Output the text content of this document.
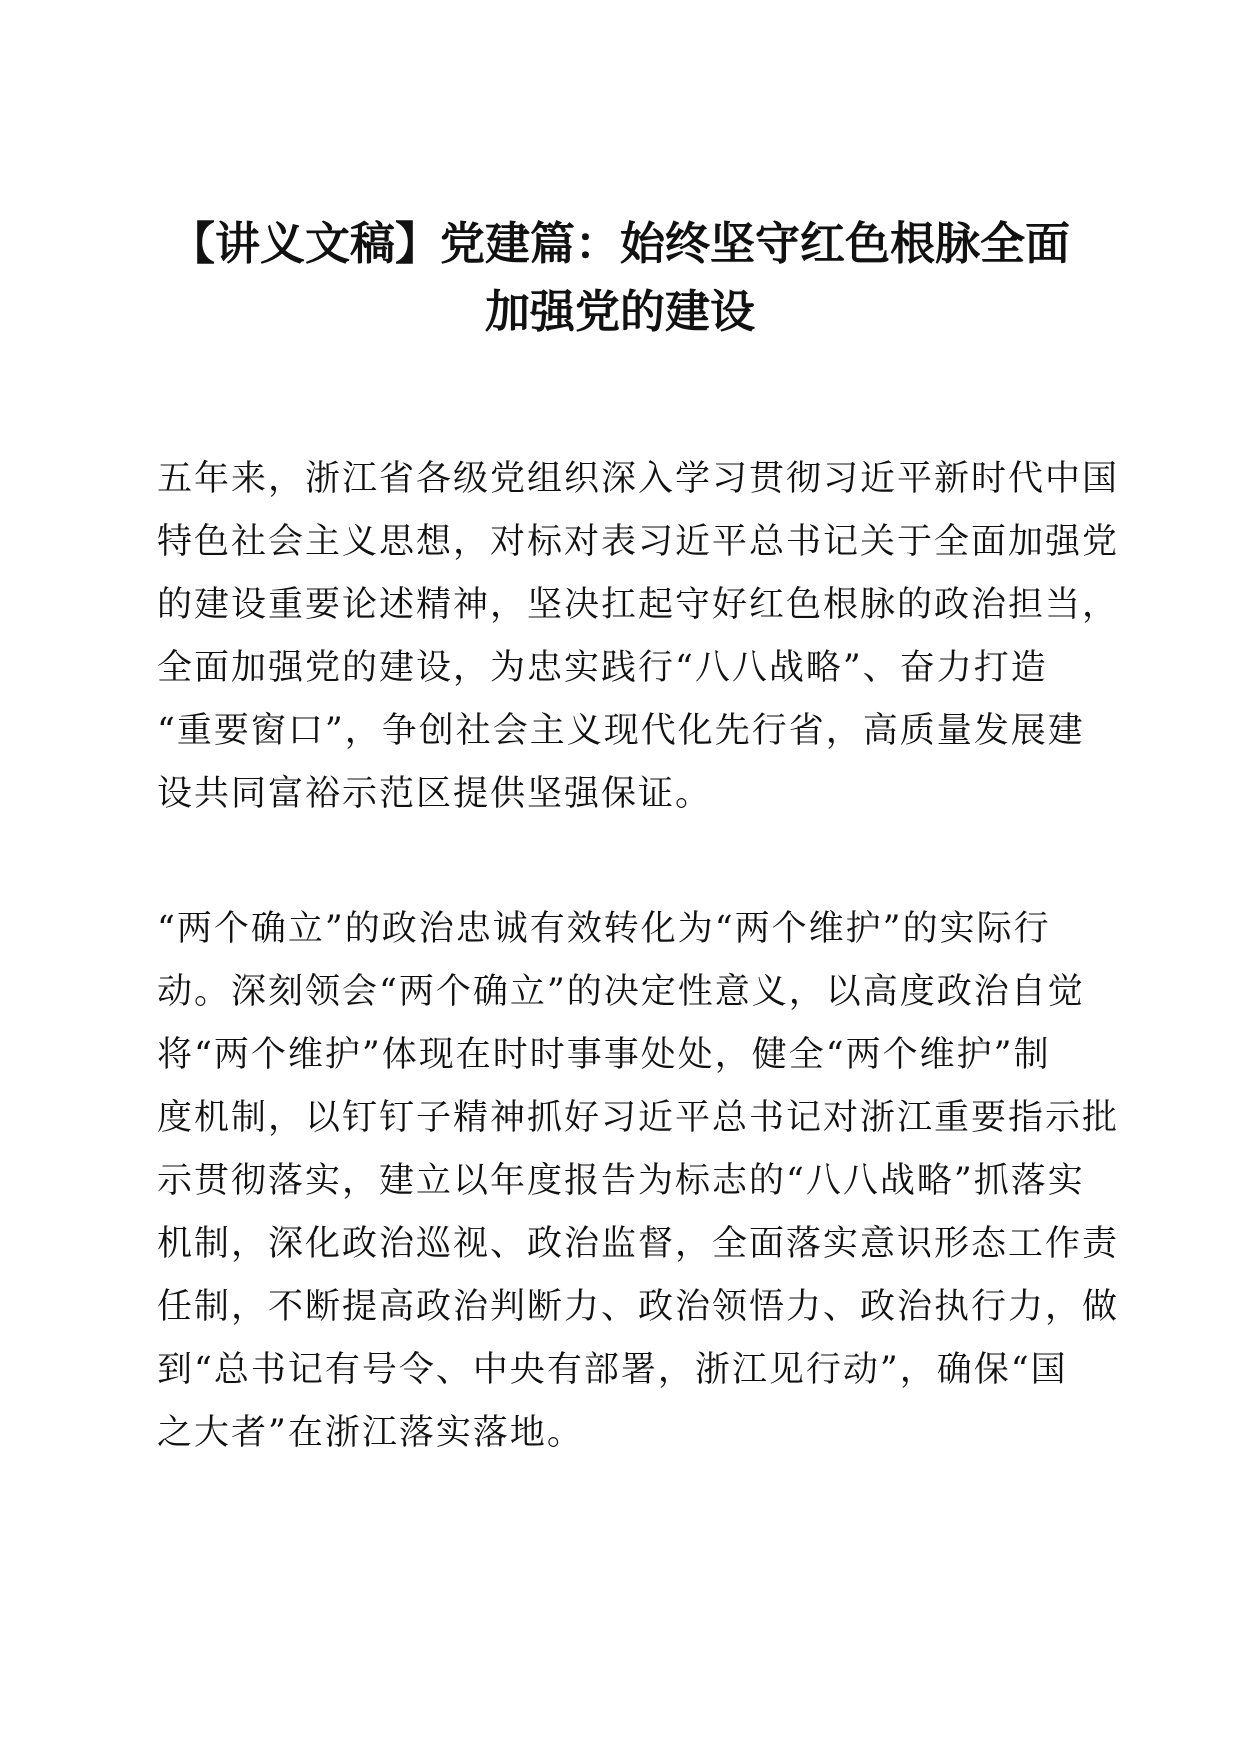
【讲义文稿】党建篇：始终坚守红色根脉全面
加强党的建设
五年来，浙江省各级党组织深入学习贯彻习近平新时代中国
特色社会主义思想，对标对表习近平总书记关于全面加强党
的建设重要论述精神，坚决扛起守好红色根脉的政治担当，
全面加强党的建设，为忠实践行“八八战略”、奋力打造
“重要窗口”，争创社会主义现代化先行省，高质量发展建
设共同富裕示范区提供坚强保证。
“两个确立”的政治忠诚有效转化为“两个维护”的实际行
动。深刻领会“两个确立”的决定性意义，以高度政治自觉
将“两个维护”体现在时时事事处处，健全“两个维护”制
度机制，以钉钉子精神抓好习近平总书记对浙江重要指示批
示贯彻落实，建立以年度报告为标志的“八八战略”抓落实
机制，深化政治巡视、政治监督，全面落实意识形态工作责
任制，不断提高政治判断力、政治领悟力、政治执行力，做
到“总书记有号令、中央有部署，浙江见行动”，确保“国
之大者”在浙江落实落地。
